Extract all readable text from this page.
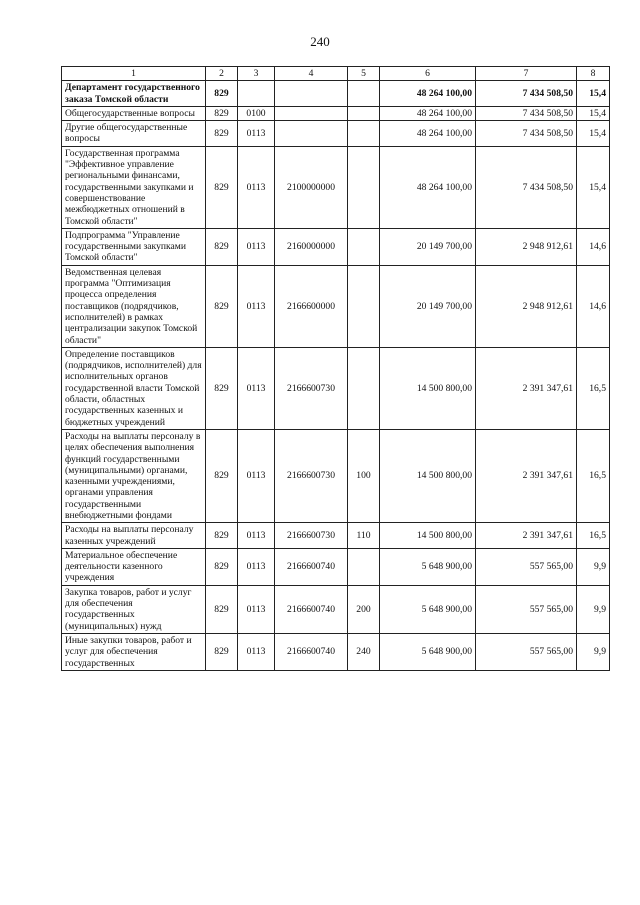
240
1	2	3	4	5	6	7	8
Департамент государственного заказа Томской области	829				48 264 100,00	7 434 508,50	15,4
Общегосударственные вопросы	829	0100			48 264 100,00	7 434 508,50	15,4
Другие общегосударственные вопросы	829	0113			48 264 100,00	7 434 508,50	15,4
Государственная программа "Эффективное управление региональными финансами, государственными закупками и совершенствование межбюджетных отношений в Томской области"	829	0113	2100000000		48 264 100,00	7 434 508,50	15,4
Подпрограмма "Управление государственными закупками Томской области"	829	0113	2160000000		20 149 700,00	2 948 912,61	14,6
Ведомственная целевая программа "Оптимизация процесса определения поставщиков (подрядчиков, исполнителей) в рамках централизации закупок Томской области"	829	0113	2166600000		20 149 700,00	2 948 912,61	14,6
Определение поставщиков (подрядчиков, исполнителей) для исполнительных органов государственной власти Томской области, областных государственных казенных и бюджетных учреждений	829	0113	2166600730		14 500 800,00	2 391 347,61	16,5
Расходы на выплаты персоналу в целях обеспечения выполнения функций государственными (муниципальными) органами, казенными учреждениями, органами управления государственными внебюджетными фондами	829	0113	2166600730	100	14 500 800,00	2 391 347,61	16,5
Расходы на выплаты персоналу казенных учреждений	829	0113	2166600730	110	14 500 800,00	2 391 347,61	16,5
Материальное обеспечение деятельности казенного учреждения	829	0113	2166600740		5 648 900,00	557 565,00	9,9
Закупка товаров, работ и услуг для обеспечения государственных (муниципальных) нужд	829	0113	2166600740	200	5 648 900,00	557 565,00	9,9
Иные закупки товаров, работ и услуг для обеспечения государственных	829	0113	2166600740	240	5 648 900,00	557 565,00	9,9
